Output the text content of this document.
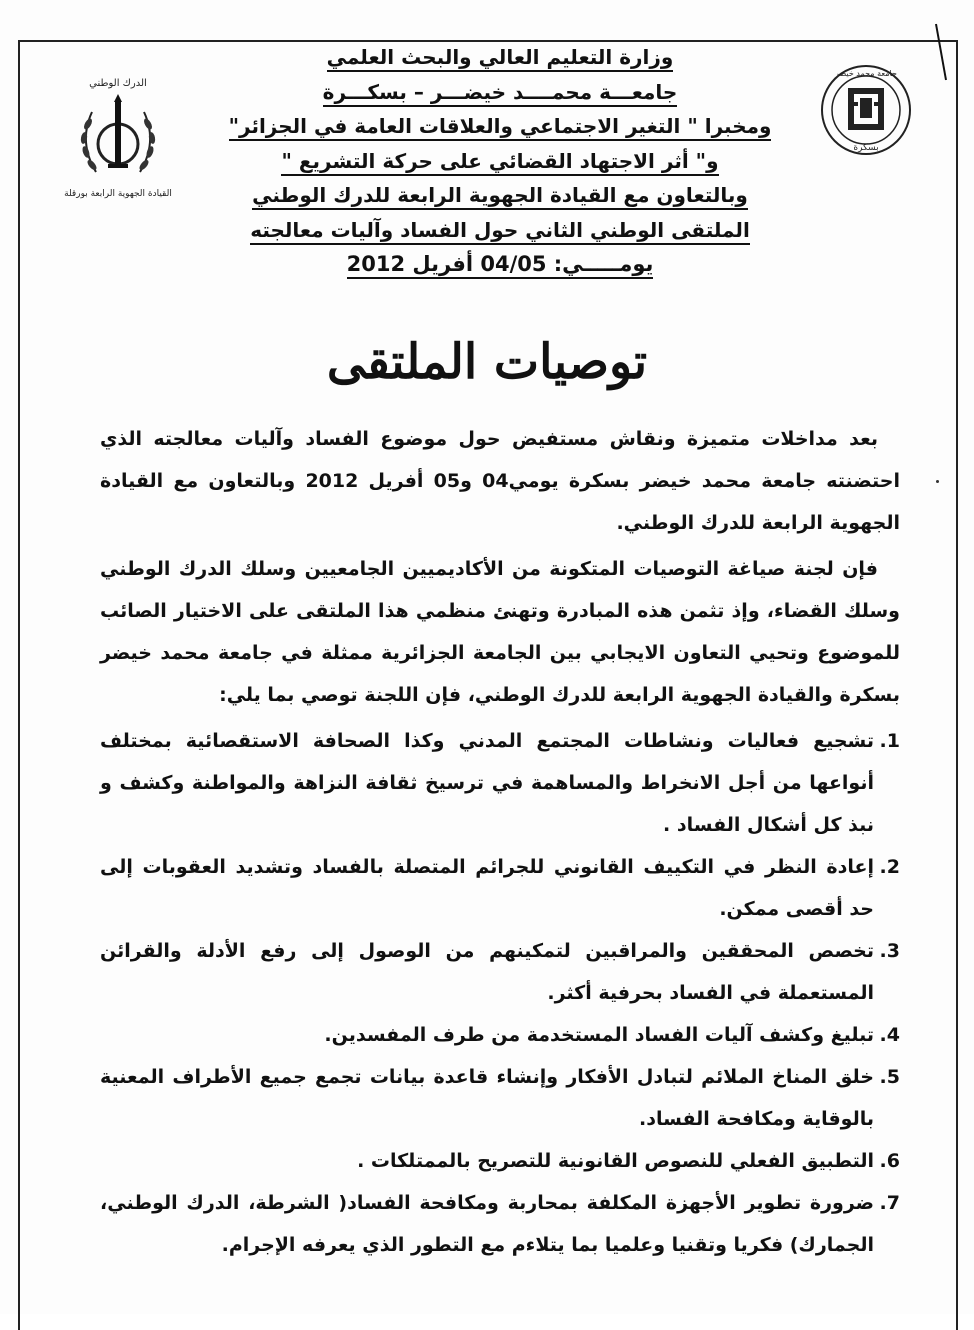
الدرك الوطني
القيادة الجهوية الرابعة بورقلة
جامعة محمد خيضر
بسكرة
وزارة التعليم العالي والبحث العلمي
جامعـــة محمــــد خيضـــر – بسكـــرة
ومخبرا " التغير الاجتماعي والعلاقات العامة في الجزائر"
و" أثر الاجتهاد القضائي على حركة التشريع "
وبالتعاون مع القيادة الجهوية الرابعة للدرك الوطني
الملتقى الوطني الثاني حول الفساد وآليات معالجته
يومـــــي: 04/05 أفريل 2012
توصيات الملتقى

بعد مداخلات متميزة ونقاش مستفيض حول موضوع الفساد وآليات معالجته الذي احتضنته جامعة محمد خيضر بسكرة يومي04 و05 أفريل 2012 وبالتعاون مع القيادة الجهوية الرابعة للدرك الوطني.

فإن لجنة صياغة التوصيات المتكونة من الأكاديميين الجامعيين وسلك الدرك الوطني وسلك القضاء، وإذ تثمن هذه المبادرة وتهنئ منظمي هذا الملتقى على الاختيار الصائب للموضوع وتحيي التعاون الايجابي بين الجامعة الجزائرية ممثلة في جامعة محمد خيضر بسكرة والقيادة الجهوية الرابعة للدرك الوطني، فإن اللجنة توصي بما يلي:

1.
تشجيع فعاليات ونشاطات المجتمع المدني وكذا الصحافة الاستقصائية بمختلف أنواعها من أجل الانخراط والمساهمة في ترسيخ ثقافة النزاهة والمواطنة وكشف و نبذ كل أشكال الفساد .
2.
إعادة النظر في التكييف القانوني للجرائم المتصلة بالفساد وتشديد العقوبات إلى حد أقصى ممكن.
3.
تخصص المحققين والمراقبين لتمكينهم من الوصول إلى رفع الأدلة والقرائن المستعملة في الفساد بحرفية أكثر.
4.
تبليغ وكشف آليات الفساد المستخدمة من طرف المفسدين.
5.
خلق المناخ الملائم لتبادل الأفكار وإنشاء قاعدة بيانات تجمع جميع الأطراف المعنية بالوقاية ومكافحة الفساد.
6.
التطبيق الفعلي للنصوص القانونية للتصريح بالممتلكات .
7.
ضرورة تطوير الأجهزة المكلفة بمحاربة ومكافحة الفساد( الشرطة، الدرك الوطني، الجمارك) فكريا وتقنيا وعلميا بما يتلاءم مع التطور الذي يعرفه الإجرام.
